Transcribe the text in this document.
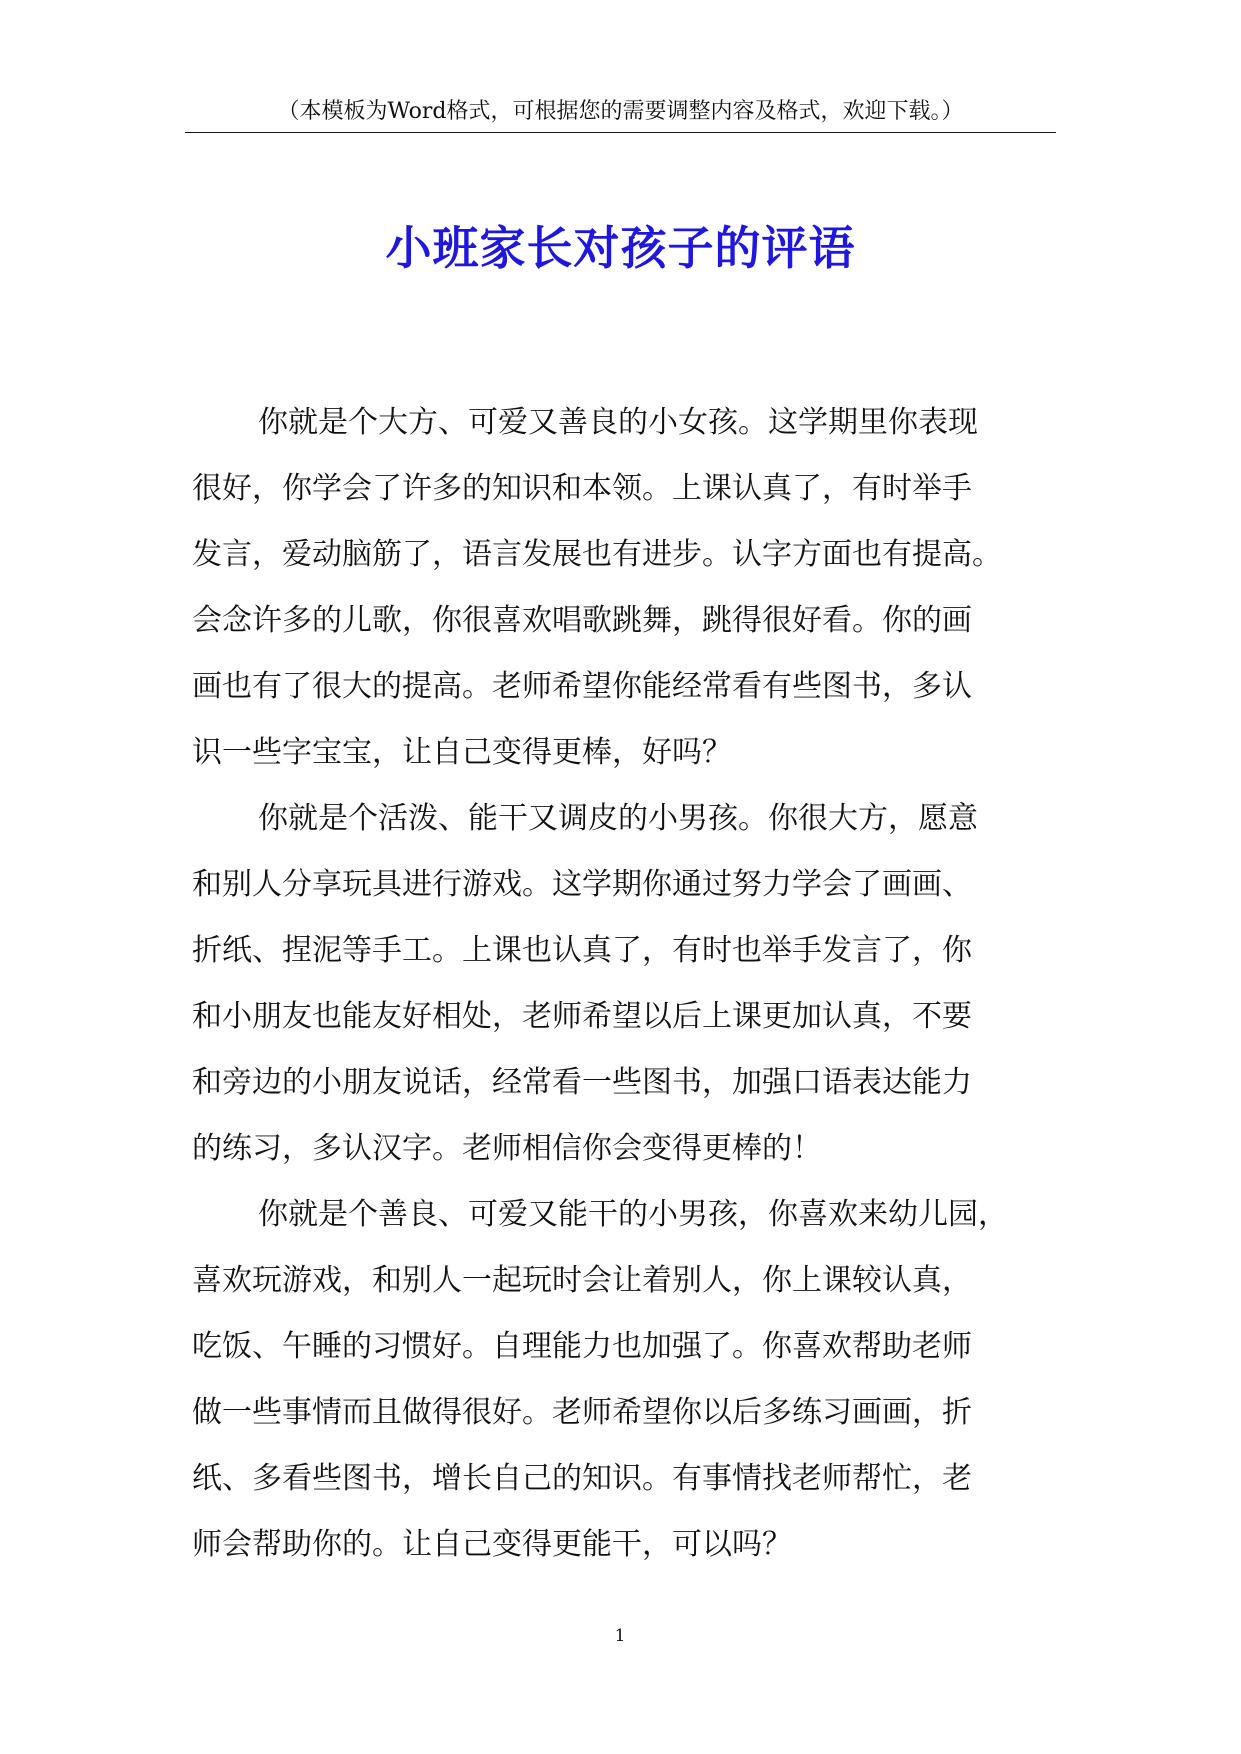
（本模板为Word格式，可根据您的需要调整内容及格式，欢迎下载。）
小班家长对孩子的评语
你就是个大方、可爱又善良的小女孩。这学期里你表现
很好，你学会了许多的知识和本领。上课认真了，有时举手
发言，爱动脑筋了，语言发展也有进步。认字方面也有提高。
会念许多的儿歌，你很喜欢唱歌跳舞，跳得很好看。你的画
画也有了很大的提高。老师希望你能经常看有些图书，多认
识一些字宝宝，让自己变得更棒，好吗？
你就是个活泼、能干又调皮的小男孩。你很大方，愿意
和别人分享玩具进行游戏。这学期你通过努力学会了画画、
折纸、捏泥等手工。上课也认真了，有时也举手发言了，你
和小朋友也能友好相处，老师希望以后上课更加认真，不要
和旁边的小朋友说话，经常看一些图书，加强口语表达能力
的练习，多认汉字。老师相信你会变得更棒的！
你就是个善良、可爱又能干的小男孩，你喜欢来幼儿园，
喜欢玩游戏，和别人一起玩时会让着别人，你上课较认真，
吃饭、午睡的习惯好。自理能力也加强了。你喜欢帮助老师
做一些事情而且做得很好。老师希望你以后多练习画画，折
纸、多看些图书，增长自己的知识。有事情找老师帮忙，老
师会帮助你的。让自己变得更能干，可以吗？
1
